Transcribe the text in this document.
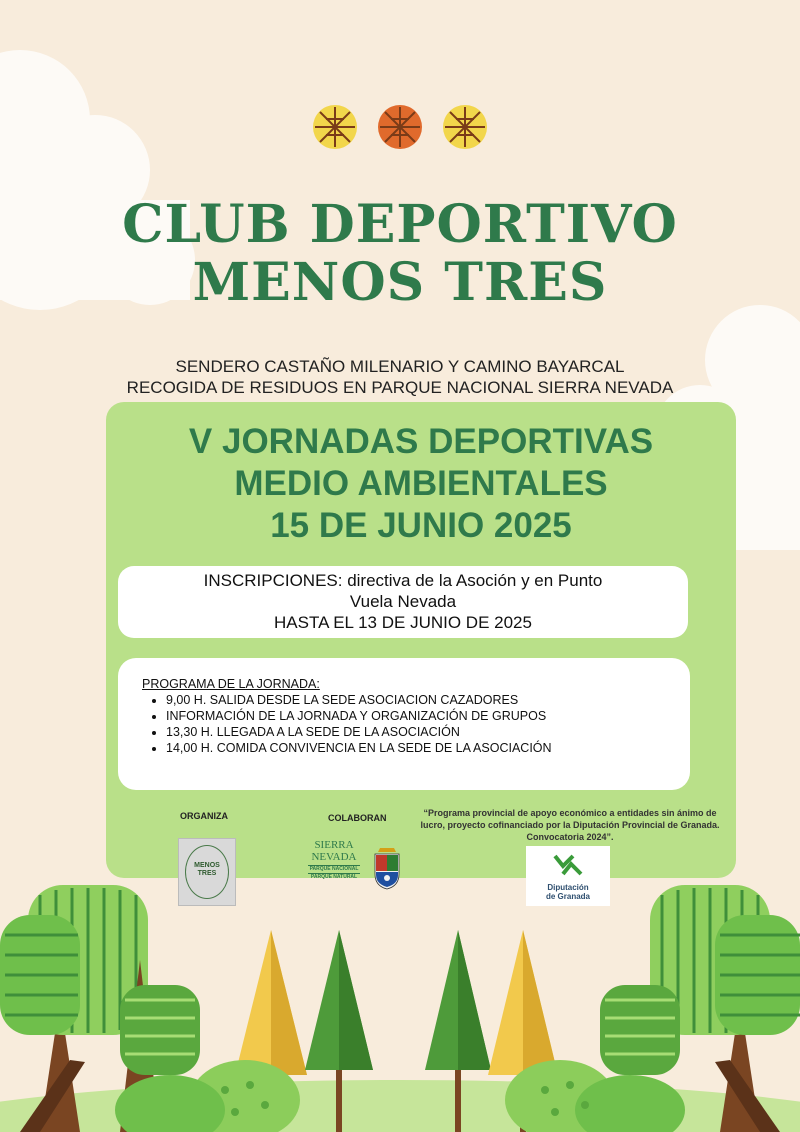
CLUB DEPORTIVO
MENOS TRES
SENDERO CASTAÑO MILENARIO Y CAMINO BAYARCAL
RECOGIDA DE RESIDUOS EN PARQUE NACIONAL SIERRA NEVADA
V JORNADAS DEPORTIVAS
MEDIO AMBIENTALES
15 DE JUNIO 2025
INSCRIPCIONES: directiva de la Asoción y en Punto
Vuela Nevada
HASTA EL 13 DE JUNIO DE 2025
PROGRAMA DE LA JORNADA:
• 9,00 H. SALIDA DESDE LA SEDE ASOCIACION CAZADORES
• INFORMACIÓN DE LA JORNADA Y ORGANIZACIÓN DE GRUPOS
• 13,30 H. LLEGADA A LA SEDE DE LA ASOCIACIÓN
• 14,00 H. COMIDA CONVIVENCIA EN LA SEDE DE LA ASOCIACIÓN
ORGANIZA	COLABORAN	“Programa provincial de apoyo económico a entidades sin ánimo de lucro, proyecto cofinanciado por la Diputación Provincial de Granada. Convocatoria 2024”.
MENOS
TRES
SIERRA
NEVADA
PARQUE NACIONAL
PARQUE NATURAL
Diputación
de Granada
